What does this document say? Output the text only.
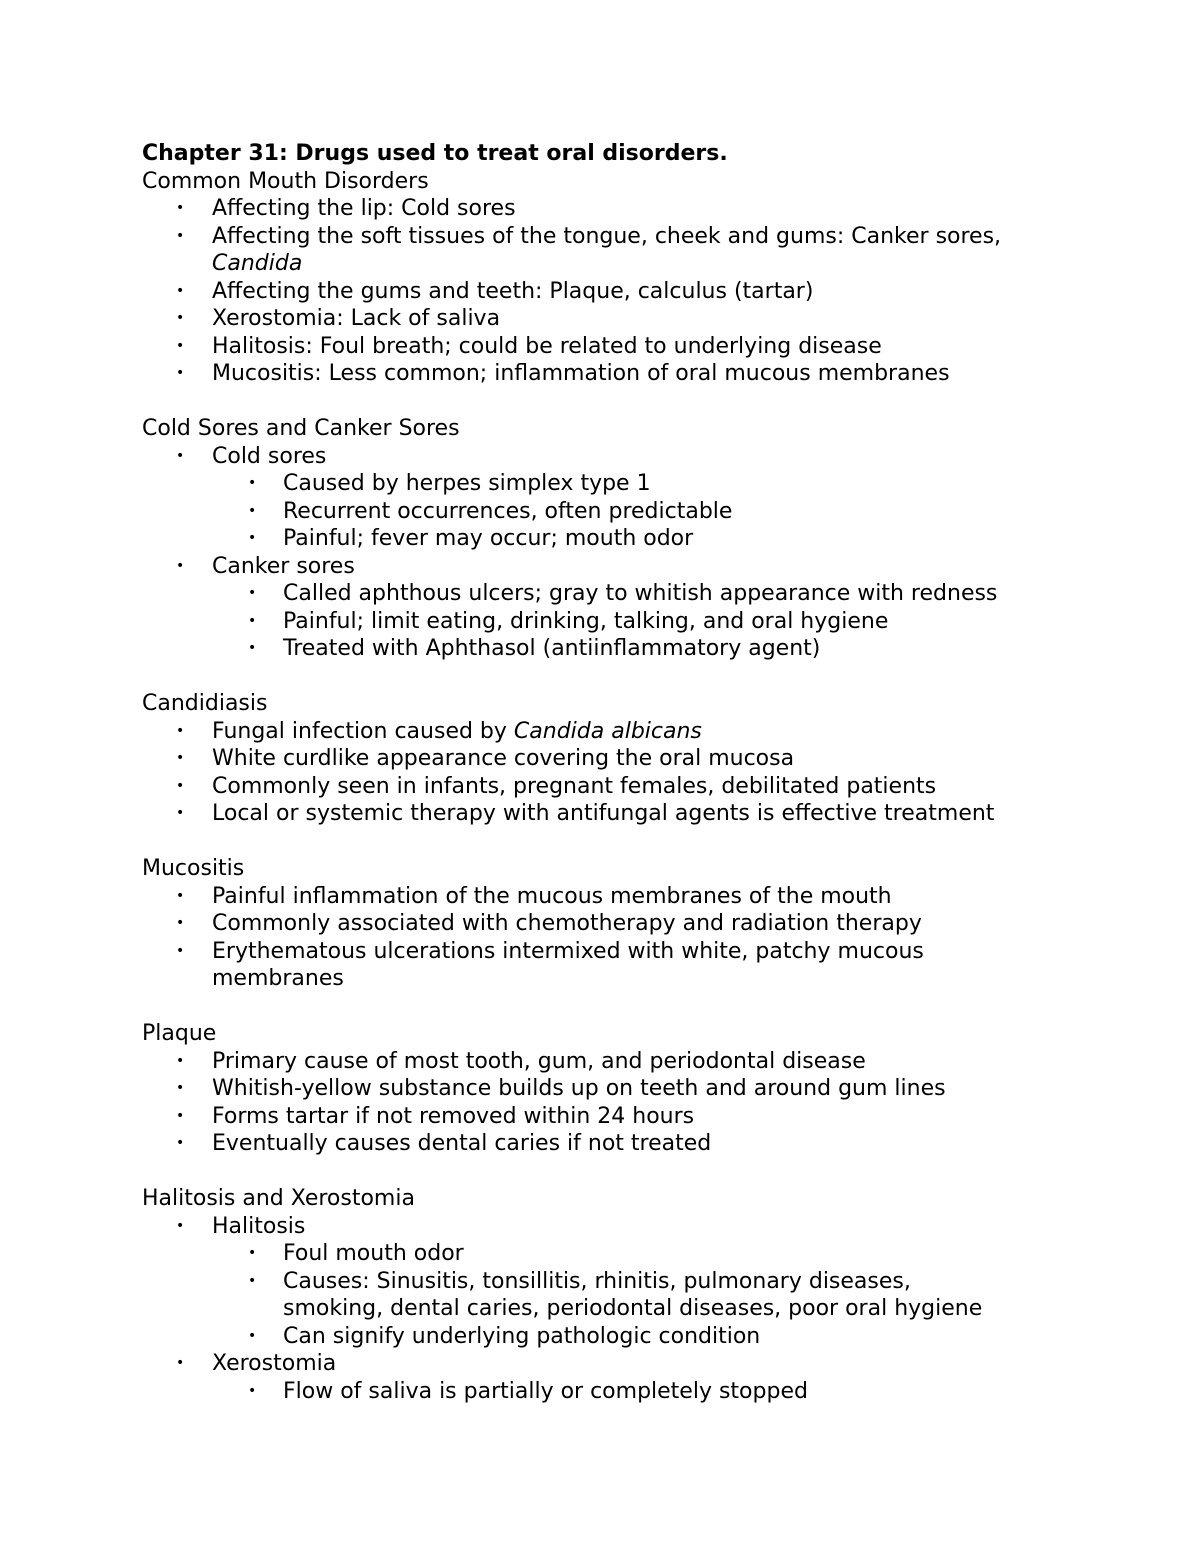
Chapter 31: Drugs used to treat oral disorders.
Common Mouth Disorders
• Affecting the lip: Cold sores
• Affecting the soft tissues of the tongue, cheek and gums: Canker sores,
Candida
• Affecting the gums and teeth: Plaque, calculus (tartar)
• Xerostomia: Lack of saliva
• Halitosis: Foul breath; could be related to underlying disease
• Mucositis: Less common; inflammation of oral mucous membranes
Cold Sores and Canker Sores
• Cold sores
• Caused by herpes simplex type 1
• Recurrent occurrences, often predictable
• Painful; fever may occur; mouth odor
• Canker sores
• Called aphthous ulcers; gray to whitish appearance with redness
• Painful; limit eating, drinking, talking, and oral hygiene
• Treated with Aphthasol (antiinflammatory agent)
Candidiasis
• Fungal infection caused by Candida albicans
• White curdlike appearance covering the oral mucosa
• Commonly seen in infants, pregnant females, debilitated patients
• Local or systemic therapy with antifungal agents is effective treatment
Mucositis
• Painful inflammation of the mucous membranes of the mouth
• Commonly associated with chemotherapy and radiation therapy
• Erythematous ulcerations intermixed with white, patchy mucous
membranes
Plaque
• Primary cause of most tooth, gum, and periodontal disease
• Whitish-yellow substance builds up on teeth and around gum lines
• Forms tartar if not removed within 24 hours
• Eventually causes dental caries if not treated
Halitosis and Xerostomia
• Halitosis
• Foul mouth odor
• Causes: Sinusitis, tonsillitis, rhinitis, pulmonary diseases,
smoking, dental caries, periodontal diseases, poor oral hygiene
• Can signify underlying pathologic condition
• Xerostomia
• Flow of saliva is partially or completely stopped
